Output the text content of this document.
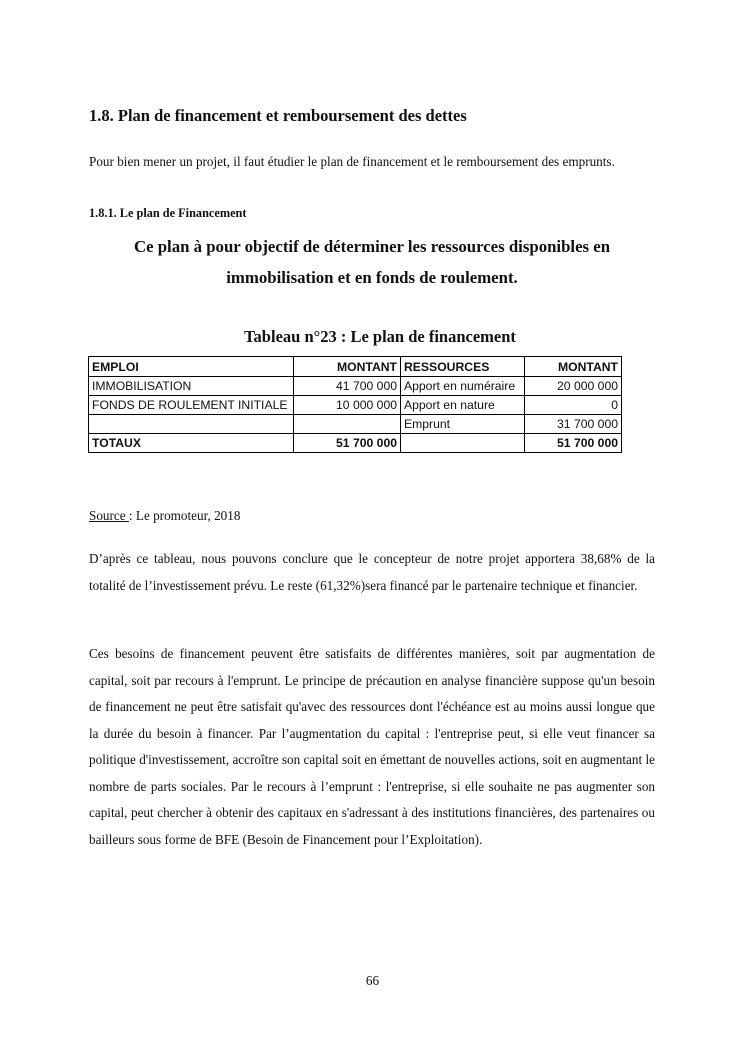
1.8. Plan de financement et remboursement des dettes
Pour bien mener un projet, il faut étudier le plan de financement et le remboursement des emprunts.
1.8.1. Le plan de Financement
Ce plan à pour objectif de déterminer les ressources disponibles en
immobilisation et en fonds de roulement.
Tableau n°23 : Le plan de financement
EMPLOI	MONTANT	RESSOURCES	MONTANT
IMMOBILISATION	41 700 000	Apport en numéraire	20 000 000
FONDS DE ROULEMENT INITIALE	10 000 000	Apport en nature	0
		Emprunt	31 700 000
TOTAUX	51 700 000		51 700 000
Source : Le promoteur, 2018
D’après ce tableau, nous pouvons conclure que le concepteur de notre projet apportera 38,68% de la totalité de l’investissement prévu. Le reste (61,32%)sera financé par le partenaire technique et financier.
Ces besoins de financement peuvent être satisfaits de différentes manières, soit par augmentation de capital, soit par recours à l'emprunt. Le principe de précaution en analyse financière suppose qu'un besoin de financement ne peut être satisfait qu'avec des ressources dont l'échéance est au moins aussi longue que la durée du besoin à financer. Par l’augmentation du capital : l'entreprise peut, si elle veut financer sa politique d'investissement, accroître son capital soit en émettant de nouvelles actions, soit en augmentant le nombre de parts sociales. Par le recours à l’emprunt : l'entreprise, si elle souhaite ne pas augmenter son capital, peut chercher à obtenir des capitaux en s'adressant à des institutions financières, des partenaires ou bailleurs sous forme de BFE (Besoin de Financement pour l’Exploitation).
66
